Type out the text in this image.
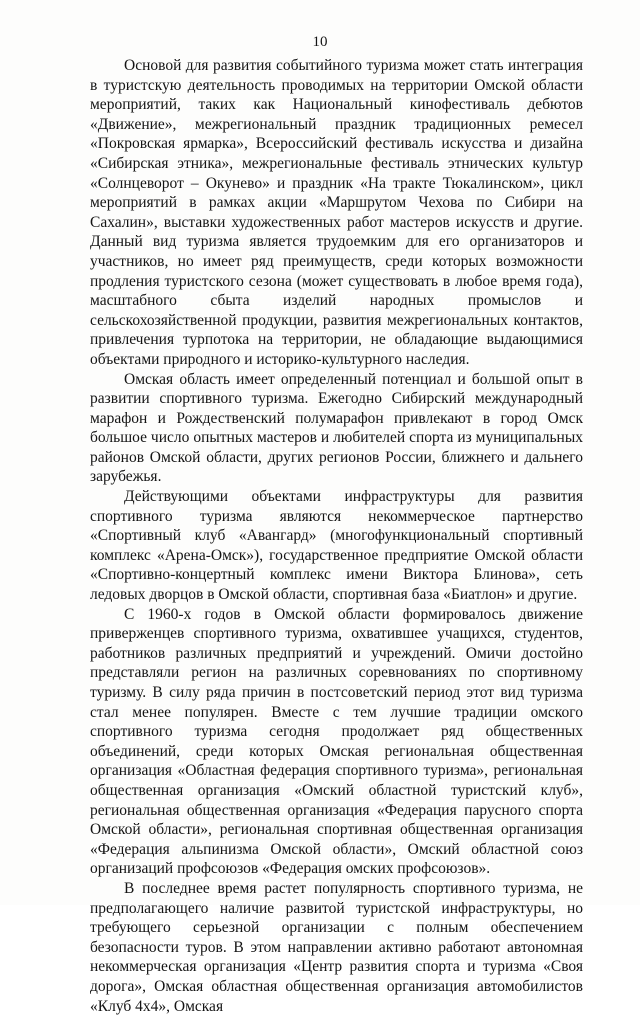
10

Основой для развития событийного туризма может стать интеграция в туристскую деятельность проводимых на территории Омской области мероприятий, таких как Национальный кинофестиваль дебютов «Движение», межрегиональный праздник традиционных ремесел «Покровская ярмарка», Всероссийский фестиваль искусства и дизайна «Сибирская этника», межрегиональные фестиваль этнических культур «Солнцеворот – Окунево» и праздник «На тракте Тюкалинском», цикл мероприятий в рамках акции «Маршрутом Чехова по Сибири на Сахалин», выставки художественных работ мастеров искусств и другие. Данный вид туризма является трудоемким для его организаторов и участников, но имеет ряд преимуществ, среди которых возможности продления туристского сезона (может существовать в любое время года), масштабного сбыта изделий народных промыслов и сельскохозяйственной продукции, развития межрегиональных контактов, привлечения турпотока на территории, не обладающие выдающимися объектами природного и историко-культурного наследия.

Омская область имеет определенный потенциал и большой опыт в развитии спортивного туризма. Ежегодно Сибирский международный марафон и Рождественский полумарафон привлекают в город Омск большое число опытных мастеров и любителей спорта из муниципальных районов Омской области, других регионов России, ближнего и дальнего зарубежья.

Действующими объектами инфраструктуры для развития спортивного туризма являются некоммерческое партнерство «Спортивный клуб «Авангард» (многофункциональный спортивный комплекс «Арена-Омск»), государственное предприятие Омской области «Спортивно-концертный комплекс имени Виктора Блинова», сеть ледовых дворцов в Омской области, спортивная база «Биатлон» и другие.

С 1960-х годов в Омской области формировалось движение приверженцев спортивного туризма, охватившее учащихся, студентов, работников различных предприятий и учреждений. Омичи достойно представляли регион на различных соревнованиях по спортивному туризму. В силу ряда причин в постсоветский период этот вид туризма стал менее популярен. Вместе с тем лучшие традиции омского спортивного туризма сегодня продолжает ряд общественных объединений, среди которых Омская региональная общественная организация «Областная федерация спортивного туризма», региональная общественная организация «Омский областной туристский клуб», региональная общественная организация «Федерация парусного спорта Омской области», региональная спортивная общественная организация «Федерация альпинизма Омской области», Омский областной союз организаций профсоюзов «Федерация омских профсоюзов».

В последнее время растет популярность спортивного туризма, не предполагающего наличие развитой туристской инфраструктуры, но требующего серьезной организации с полным обеспечением безопасности туров. В этом направлении активно работают автономная некоммерческая организация «Центр развития спорта и туризма «Своя дорога», Омская областная общественная организация автомобилистов «Клуб 4х4», Омская
